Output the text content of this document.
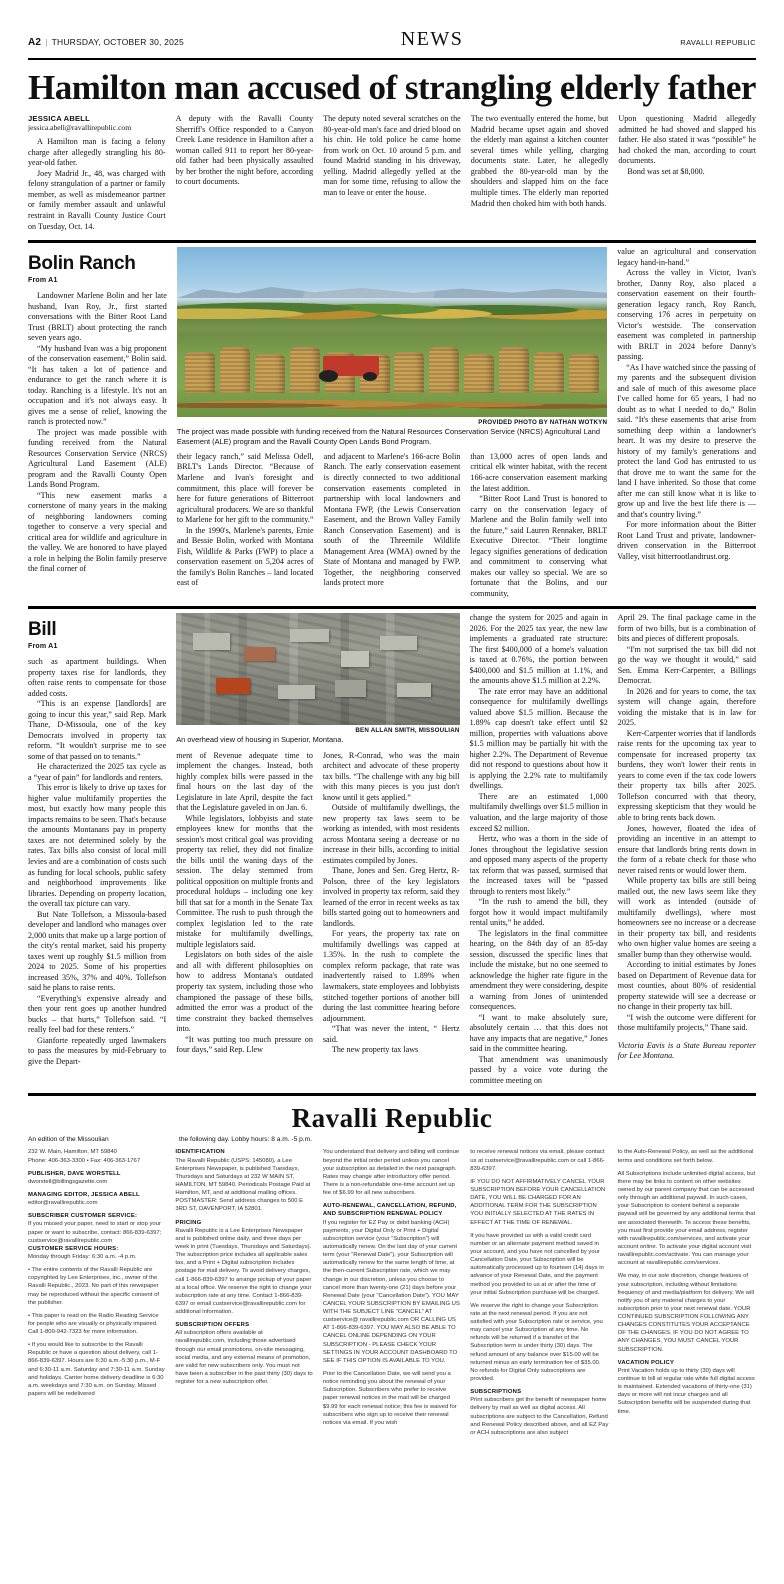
A2 | THURSDAY, OCTOBER 30, 2025	NEWS	RAVALLI REPUBLIC
Hamilton man accused of strangling elderly father
JESSICA ABELL
jessica.abell@ravallirepublic.com

A Hamilton man is facing a felony charge after allegedly strangling his 80-year-old father.

Joey Madrid Jr., 48, was charged with felony strangulation of a partner or family member, as well as misdemeanor partner or family member assault and unlawful restraint in Ravalli County Justice Court on Tuesday, Oct. 14.

A deputy with the Ravalli County Sherriff's Office responded to a Canyon Creek Lane residence in Hamilton after a woman called 911 to report her 80-year-old father had been physically assaulted by her brother the night before, according to court documents.

The deputy noted several scratches on the 80-year-old man's face and dried blood on his chin. He told police he came home from work on Oct. 10 around 5 p.m. and found Madrid standing in his driveway, yelling. Madrid allegedly yelled at the man for some time, refusing to allow the man to leave or enter the house.

The two eventually entered the home, but Madrid became upset again and shoved the elderly man against a kitchen counter several times while yelling, charging documents state. Later, he allegedly grabbed the 80-year-old man by the shoulders and slapped him on the face multiple times. The elderly man reported Madrid then choked him with both hands.

Upon questioning Madrid allegedly admitted he had shoved and slapped his father. He also stated it was “possible” he had choked the man, according to court documents.

Bond was set at $8,000.

Bolin Ranch
From A1

Landowner Marlene Bolin and her late husband, Ivan Roy, Jr., first started conversations with the Bitter Root Land Trust (BRLT) about protecting the ranch seven years ago.

“My husband Ivan was a big proponent of the conservation easement,” Bolin said. “It has taken a lot of patience and endurance to get the ranch where it is today. Ranching is a lifestyle. It's not an occupation and it's not always easy. It gives me a sense of relief, knowing the ranch is protected now.”

The project was made possible with funding received from the Natural Resources Conservation Service (NRCS) Agricultural Land Easement (ALE) program and the Ravalli County Open Lands Bond Program.

“This new easement marks a cornerstone of many years in the making of neighboring landowners coming together to conserve a very special and critical area for wildlife and agriculture in the valley. We are honored to have played a role in helping the Bolin family preserve the final corner of

PROVIDED PHOTO BY NATHAN WOTKYN
The project was made possible with funding received from the Natural Resources Conservation Service (NRCS) Agricultural Land Easement (ALE) program and the Ravalli County Open Lands Bond Program.

their legacy ranch,” said Melissa Odell, BRLT's Lands Director. “Because of Marlene and Ivan's foresight and commitment, this place will forever be here for future generations of Bitterroot agricultural producers. We are so thankful to Marlene for her gift to the community.”

In the 1990's, Marlene's parents, Ernie and Bessie Bolin, worked with Montana Fish, Wildlife & Parks (FWP) to place a conservation easement on 5,204 acres of the family's Bolin Ranches – land located east of

and adjacent to Marlene's 166-acre Bolin Ranch. The early conservation easement is directly connected to two additional conservation easements completed in partnership with local landowners and Montana FWP, (the Lewis Conservation Easement, and the Brown Valley Family Ranch Conservation Easement) and is south of the Threemile Wildlife Management Area (WMA) owned by the State of Montana and managed by FWP. Together, the neighboring conserved lands protect more

than 13,000 acres of open lands and critical elk winter habitat, with the recent 166-acre conservation easement marking the latest addition.

“Bitter Root Land Trust is honored to carry on the conservation legacy of Marlene and the Bolin family well into the future,” said Lauren Rennaker, BRLT Executive Director. “Their longtime legacy signifies generations of dedication and commitment to conserving what makes our valley so special. We are so fortunate that the Bolins, and our community,

value an agricultural and conservation legacy hand-in-hand.”

Across the valley in Victor, Ivan's brother, Danny Roy, also placed a conservation easement on their fourth-generation legacy ranch, Roy Ranch, conserving 176 acres in perpetuity on Victor's westside. The conservation easement was completed in partnership with BRLT in 2024 before Danny's passing.

“As I have watched since the passing of my parents and the subsequent division and sale of much of this awesome place I've called home for 65 years, I had no doubt as to what I needed to do,” Bolin said. “It's these easements that arise from something deep within a landowner's heart. It was my desire to preserve the history of my family's generations and protect the land God has entrusted to us that drove me to want the same for the land I have inherited. So those that come after me can still know what it is like to grow up and live the best life there is — and that's country living.”

For more information about the Bitter Root Land Trust and private, landowner-driven conservation in the Bitterroot Valley, visit bitterrootlandtrust.org.

Bill
From A1

such as apartment buildings. When property taxes rise for landlords, they often raise rents to compensate for those added costs.

“This is an expense [landlords] are going to incur this year,” said Rep. Mark Thane, D-Missoula, one of the key Democrats involved in property tax reform. “It wouldn't surprise me to see some of that passed on to tenants.”

He characterized the 2025 tax cycle as a “year of pain” for landlords and renters.

This error is likely to drive up taxes for higher value multifamily properties the most, but exactly how many people this impacts remains to be seen. That's because the amounts Montanans pay in property taxes are not determined solely by the rates. Tax bills also consist of local mill levies and are a combination of costs such as funding for local schools, public safety and neighborhood improvements like libraries. Depending on property location, the overall tax picture can vary.

But Nate Tollefson, a Missoula-based developer and landlord who manages over 2,000 units that make up a large portion of the city's rental market, said his property taxes went up roughly $1.5 million from 2024 to 2025. Some of his properties increased 35%, 37% and 40%. Tollefson said he plans to raise rents.

“Everything's expensive already and then your rent goes up another hundred bucks – that hurts,” Tollefson said. “I really feel bad for these renters.”

Gianforte repeatedly urged lawmakers to pass the measures by mid-February to give the Depart-

BEN ALLAN SMITH, MISSOULIAN
An overhead view of housing in Superior, Montana.

ment of Revenue adequate time to implement the changes. Instead, both highly complex bills were passed in the final hours on the last day of the Legislature in late April, despite the fact that the Legislature gaveled in on Jan. 6.

While legislators, lobbyists and state employees knew for months that the session's most critical goal was providing property tax relief, they did not finalize the bills until the waning days of the session. The delay stemmed from political opposition on multiple fronts and procedural holdups – including one key bill that sat for a month in the Senate Tax Committee. The rush to push through the complex legislation led to the rate mistake for multifamily dwellings, multiple legislators said.

Legislators on both sides of the aisle and all with different philosophies on how to address Montana's outdated property tax system, including those who championed the passage of these bills, admitted the error was a product of the time constraint they backed themselves into.

“It was putting too much pressure on four days,” said Rep. Llew

Jones, R-Conrad, who was the main architect and advocate of these property tax bills. “The challenge with any big bill with this many pieces is you just don't know until it gets applied.”

Outside of multifamily dwellings, the new property tax laws seem to be working as intended, with most residents across Montana seeing a decrease or no increase in their bills, according to initial estimates compiled by Jones.

Thane, Jones and Sen. Greg Hertz, R-Polson, three of the key legislators involved in property tax reform, said they learned of the error in recent weeks as tax bills started going out to homeowners and landlords.

For years, the property tax rate on multifamily dwellings was capped at 1.35%. In the rush to complete the complex reform package, that rate was inadvertently raised to 1.89% when lawmakers, state employees and lobbyists stitched together portions of another bill during the last committee hearing before adjournment.

“That was never the intent, “ Hertz said.

The new property tax laws

change the system for 2025 and again in 2026. For the 2025 tax year, the new law implements a graduated rate structure: The first $400,000 of a home's valuation is taxed at 0.76%, the portion between $400,000 and $1.5 million at 1.1%, and the amounts above $1.5 million at 2.2%.

The rate error may have an additional consequence for multifamily dwellings valued above $1.5 million. Because the 1.89% cap doesn't take effect until $2 million, properties with valuations above $1.5 million may be partially hit with the higher 2.2%. The Department of Revenue did not respond to questions about how it is applying the 2.2% rate to multifamily dwellings.

There are an estimated 1,000 multifamily dwellings over $1.5 million in valuation, and the large majority of those exceed $2 million.

Hertz, who was a thorn in the side of Jones throughout the legislative session and opposed many aspects of the property tax reform that was passed, surmised that the increased taxes will be “passed through to renters most likely.”

“In the rush to amend the bill, they forgot how it would impact multifamily rental units,” he added.

The legislators in the final committee hearing, on the 84th day of an 85-day session, discussed the specific lines that include the mistake, but no one seemed to acknowledge the higher rate figure in the amendment they were considering, despite a warning from Jones of unintended consequences.

“I want to make absolutely sure, absolutely certain … that this does not have any impacts that are negative,” Jones said in the committee hearing.

That amendment was unanimously passed by a voice vote during the committee meeting on

April 29. The final package came in the form of two bills, but is a combination of bits and pieces of different proposals.

“I'm not surprised the tax bill did not go the way we thought it would,” said Sen. Emma Kerr-Carpenter, a Billings Democrat.

In 2026 and for years to come, the tax system will change again, therefore voiding the mistake that is in law for 2025.

Kerr-Carpenter worries that if landlords raise rents for the upcoming tax year to compensate for increased property tax burdens, they won't lower their rents in years to come even if the tax code lowers their property tax bills after 2025. Tollefson concurred with that theory, expressing skepticism that they would be able to bring rents back down.

Jones, however, floated the idea of providing an incentive in an attempt to ensure that landlords bring rents down in the form of a rebate check for those who never raised rents or would lower them.

While property tax bills are still being mailed out, the new laws seem like they will work as intended (outside of multifamily dwellings), where most homeowners see no increase or a decrease in their property tax bill, and residents who own higher value homes are seeing a smaller bump than they otherwise would.

According to initial estimates by Jones based on Department of Revenue data for most counties, about 80% of residential property statewide will see a decrease or no change in their property tax bill.

“I wish the outcome were different for those multifamily projects,” Thane said.

Victoria Eavis is a State Bureau reporter for Lee Montana.

Ravalli Republic
An edition of the Missoulian	the following day. Lobby hours: 8 a.m. -5 p.m.

232 W. Main, Hamilton, MT 59840

Phone: 406-363-3300 • Fax: 406-363-1767

PUBLISHER, DAVE WORSTELL

dworstell@billingsgazette.com

MANAGING EDITOR, JESSICA ABELL

editor@ravallirepublic.com

SUBSCRIBER CUSTOMER SERVICE:

If you missed your paper, need to start or stop your paper or want to subscribe, contact: 866-839-6397; custservice@ravallirepublic.com

CUSTOMER SERVICE HOURS:

Monday through Friday: 6:30 a.m. -4 p.m.

• The entire contents of the Ravalli Republic are copyrighted by Lee Enterprises, inc., owner of the Ravalli Republic., 2023. No part of this newspaper may be reproduced without the specific consent of the publisher.

• This paper is read on the Radio Reading Service for people who are visually or physically impaired. Call 1-800-942-7323 for more information.

• If you would like to subscribe to the Ravalli Republic or have a question about delivery, call 1-866-839-6397. Hours are 6:30 a.m.-5:30 p.m., M-F and 6:30-11 a.m. Saturday and 7:30-11 a.m. Sunday and holidays. Carrier home delivery deadline is 6:30 a.m. weekdays and 7:30 a.m. on Sunday. Missed papers will be redelivered

IDENTIFICATION

The Ravalli Republic (USPS: 145080), a Lee Enterprises Newspaper, is published Tuesdays, Thursdays and Saturdays at 232 W MAIN ST, HAMILTON, MT 59840. Periodicals Postage Paid at Hamilton, MT, and at additional mailing offices. POSTMASTER: Send address changes to 500 E 3RD ST, DAVENPORT, IA 52801.

PRICING

Ravalli Republic is a Lee Enterprises Newspaper and is published online daily, and three days per week in print (Tuesdays, Thursdays and Saturdays).

The subscription price includes all applicable sales tax, and a Print + Digital subscription includes postage for mail delivery. To avoid delivery charges, call 1-866-839-6397 to arrange pickup of your paper at a local office. We reserve the right to change your subscription rate at any time. Contact 1-866-839-6397 or email custservice@ravallirepublic.com for additional information.

SUBSCRIPTION OFFERS

All subscription offers available at ravallirepublic.com, including those advertised through our email promotions, on-site messaging, social media, and any external means of promotion, are valid for new subscribers only. You must not have been a subscriber in the past thirty (30) days to register for a new subscription offer.

You understand that delivery and billing will continue beyond the initial order period unless you cancel your subscription as detailed in the next paragraph. Rates may change after introductory offer period. There is a non-refundable one-time account set up fee of $6.99 for all new subscribers.

AUTO-RENEWAL, CANCELLATION, REFUND, AND SUBSCRIPTION RENEWAL POLICY

If you register for EZ Pay or debit banking (ACH) payments, your Digital Only or Print + Digital subscription service (your “Subscription”) will automatically renew. On the last day of your current term (your “Renewal Date”), your Subscription will automatically renew for the same length of time, at the then-current Subscription rate, which we may change in our discretion, unless you choose to cancel more than twenty-one (21) days before your Renewal Date (your “Cancellation Date”). YOU MAY CANCEL YOUR SUBSCRIPTION BY EMAILING US WITH THE SUBJECT LINE “CANCEL” AT custservice@ ravallirepublic.com OR CALLING US AT 1-866-839-6397. YOU MAY ALSO BE ABLE TO CANCEL ONLINE DEPENDING ON YOUR SUBSCRIPTION - PLEASE CHECK YOUR SETTINGS IN YOUR ACCOUNT DASHBOARD TO SEE IF THIS OPTION IS AVAILABLE TO YOU.

Prior to the Cancellation Date, we will send you a notice reminding you about the renewal of your Subscription. Subscribers who prefer to receive paper renewal notices in the mail will be charged $9.99 for each renewal notice; this fee is waived for subscribers who sign up to receive their renewal notices via email. If you wish

to receive renewal notices via email, please contact us at custservice@ravallirepublic.com or call 1-866-839-6397.

IF YOU DO NOT AFFIRMATIVELY CANCEL YOUR SUBSCRIPTION BEFORE YOUR CANCELLATION DATE, YOU WILL BE CHARGED FOR AN ADDITIONAL TERM FOR THE SUBSCRIPTION YOU INITIALLY SELECTED AT THE RATES IN EFFECT AT THE TIME OF RENEWAL.

If you have provided us with a valid credit card number or an alternate payment method saved in your account, and you have not cancelled by your Cancellation Date, your Subscription will be automatically processed up to fourteen (14) days in advance of your Renewal Date, and the payment method you provided to us at or after the time of your initial Subscription purchase will be charged.

We reserve the right to change your Subscription rate at the next renewal period. If you are not satisfied with your Subscription rate or service, you may cancel your Subscription at any time. No refunds will be returned if a transfer of the Subscription term is under thirty (30) days. The refund amount of any balance over $15.00 will be returned minus an early termination fee of $35.00. No refunds for Digital Only subscriptions are provided.

SUBSCRIPTIONS

Print subscribers get the benefit of newspaper home delivery by mail as well as digital access. All subscriptions are subject to the Cancellation, Refund and Renewal Policy described above, and all EZ Pay or ACH subscriptions are also subject

to the Auto-Renewal Policy, as well as the additional terms and conditions set forth below.

All Subscriptions include unlimited digital access, but there may be links to content on other websites owned by our parent company that can be accessed only through an additional paywall. In such cases, your Subscription to content behind a separate paywall will be governed by any additional terms that are associated therewith. To access these benefits, you must first provide your email address, register with ravallirepublic.com/services, and activate your account online. To activate your digital account visit ravallirepublic.com/activate. You can manage your account at ravallirepublic.com/services.

We may, in our sole discretion, change features of your subscription, including without limitations frequency of and media/platform for delivery. We will notify you of any material charges to your subscription prior to your next renewal date. YOUR CONTINUED SUBSCRIPTION FOLLOWING ANY CHANGES CONSTITUTES YOUR ACCEPTANCE OF THE CHANGES. IF YOU DO NOT AGREE TO ANY CHANGES, YOU MUST CANCEL YOUR SUBSCRIPTION.

VACATION POLICY

Print Vacation holds up to thirty (30) days will continue to bill at regular rate while full digital access is maintained. Extended vacations of thirty-one (31) days or more will not incur charges and all Subscription benefits will be suspended during that time.
